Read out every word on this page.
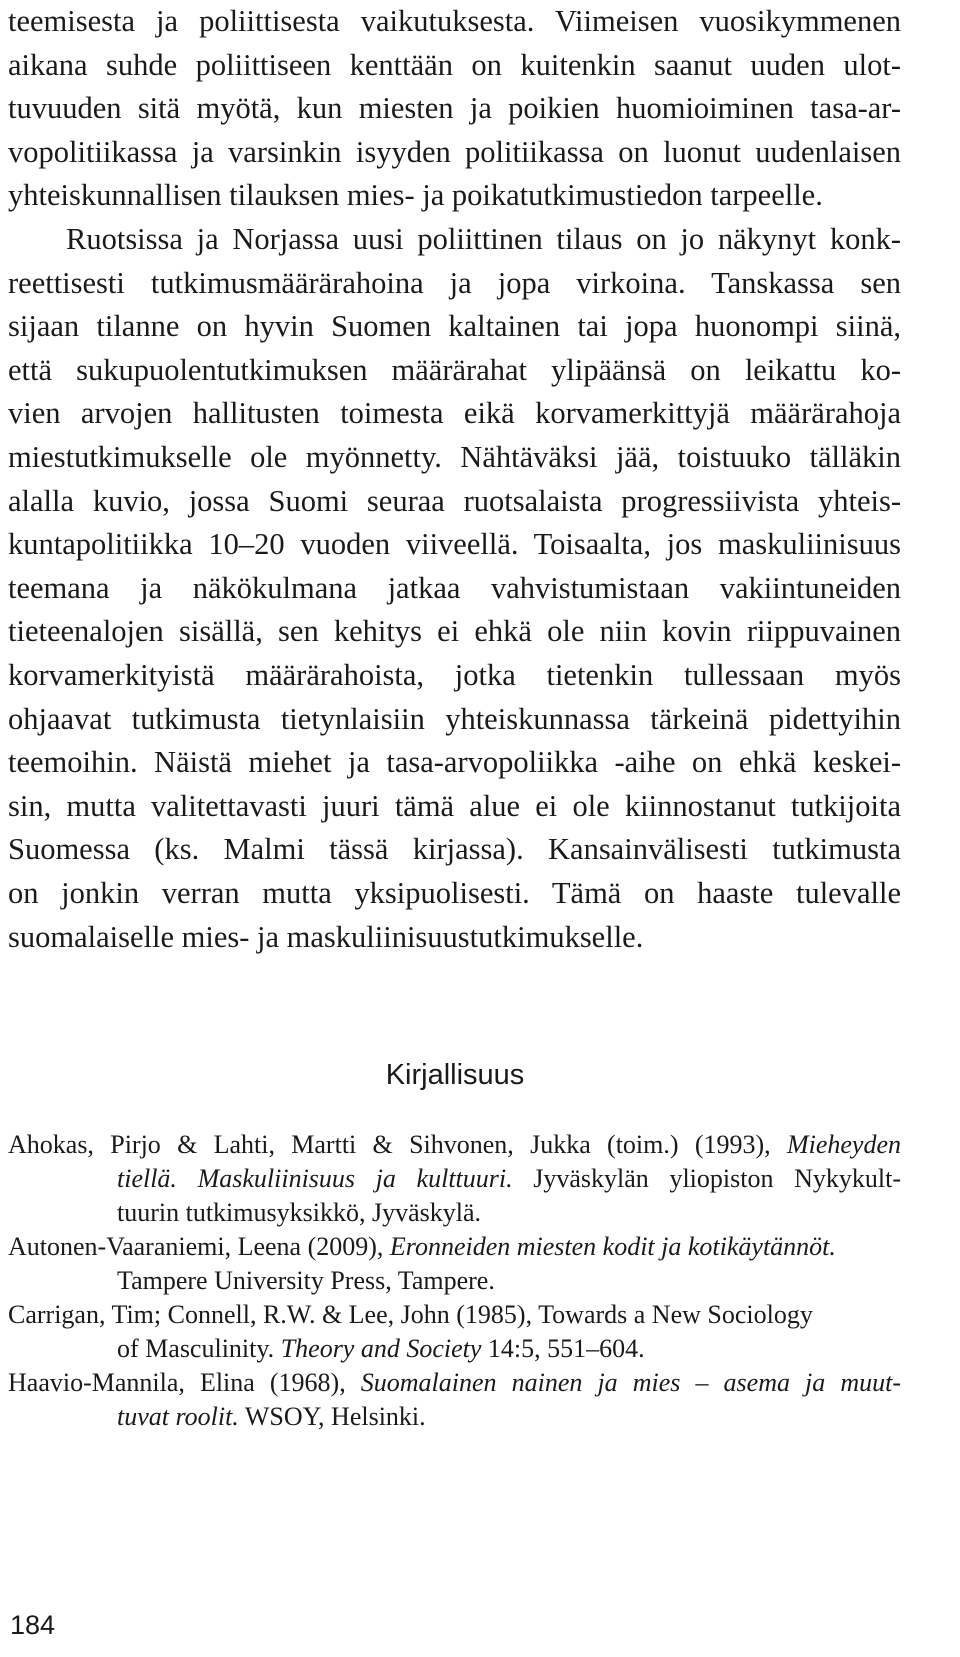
teemisesta ja poliittisesta vaikutuksesta. Viimeisen vuosikymmenen
aikana suhde poliittiseen kenttään on kuitenkin saanut uuden ulot-
tuvuuden sitä myötä, kun miesten ja poikien huomioiminen tasa-ar-
vopolitiikassa ja varsinkin isyyden politiikassa on luonut uudenlaisen
yhteiskunnallisen tilauksen mies- ja poikatutkimustiedon tarpeelle.
Ruotsissa ja Norjassa uusi poliittinen tilaus on jo näkynyt konk-
reettisesti tutkimusmäärärahoina ja jopa virkoina. Tanskassa sen
sijaan tilanne on hyvin Suomen kaltainen tai jopa huonompi siinä,
että sukupuolentutkimuksen määrärahat ylipäänsä on leikattu ko-
vien arvojen hallitusten toimesta eikä korvamerkittyjä määrärahoja
miestutkimukselle ole myönnetty. Nähtäväksi jää, toistuuko tälläkin
alalla kuvio, jossa Suomi seuraa ruotsalaista progressiivista yhteis-
kuntapolitiikka 10–20 vuoden viiveellä. Toisaalta, jos maskuliinisuus
teemana ja näkökulmana jatkaa vahvistumistaan vakiintuneiden
tieteenalojen sisällä, sen kehitys ei ehkä ole niin kovin riippuvainen
korvamerkityistä määrärahoista, jotka tietenkin tullessaan myös
ohjaavat tutkimusta tietynlaisiin yhteiskunnassa tärkeinä pidettyihin
teemoihin. Näistä miehet ja tasa-arvopoliikka -aihe on ehkä keskei-
sin, mutta valitettavasti juuri tämä alue ei ole kiinnostanut tutkijoita
Suomessa (ks. Malmi tässä kirjassa). Kansainvälisesti tutkimusta
on jonkin verran mutta yksipuolisesti. Tämä on haaste tulevalle
suomalaiselle mies- ja maskuliinisuustutkimukselle.
Kirjallisuus
Ahokas, Pirjo & Lahti, Martti & Sihvonen, Jukka (toim.) (1993), Mieheyden
tiellä. Maskuliinisuus ja kulttuuri. Jyväskylän yliopiston Nykykult-
tuurin tutkimusyksikkö, Jyväskylä.
Autonen-Vaaraniemi, Leena (2009), Eronneiden miesten kodit ja kotikäytännöt.
Tampere University Press, Tampere.
Carrigan, Tim; Connell, R.W. & Lee, John (1985), Towards a New Sociology
of Masculinity. Theory and Society 14:5, 551–604.
Haavio-Mannila, Elina (1968), Suomalainen nainen ja mies – asema ja muut-
tuvat roolit. WSOY, Helsinki.
184
